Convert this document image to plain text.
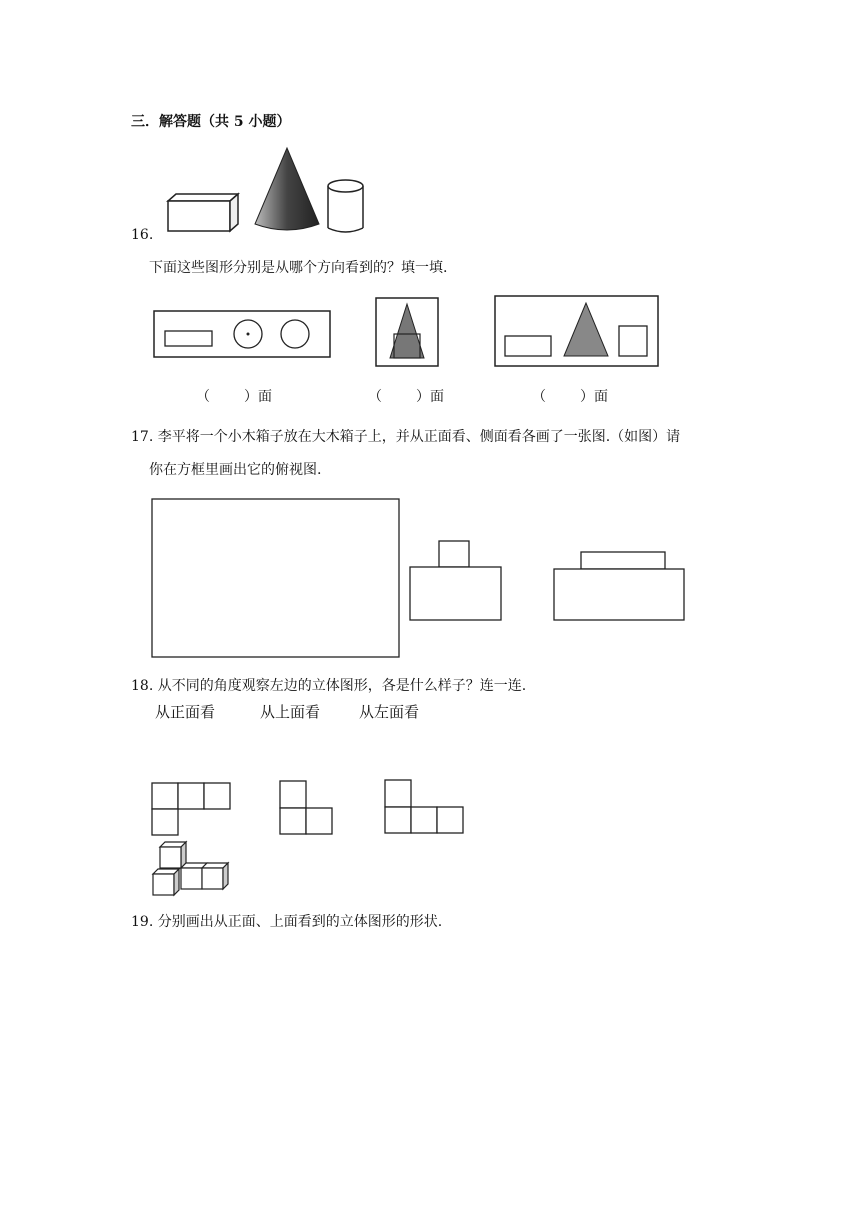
三．解答题（共 5 小题）
16.
下面这些图形分别是从哪个方向看到的？填一填.
（ ）面	（ ）面	（ ）面
17. 李平将一个小木箱子放在大木箱子上，并从正面看、侧面看各画了一张图.（如图）请
你在方框里画出它的俯视图.
18. 从不同的角度观察左边的立体图形，各是什么样子？连一连.
从正面看	从上面看	从左面看
19. 分别画出从正面、上面看到的立体图形的形状.
